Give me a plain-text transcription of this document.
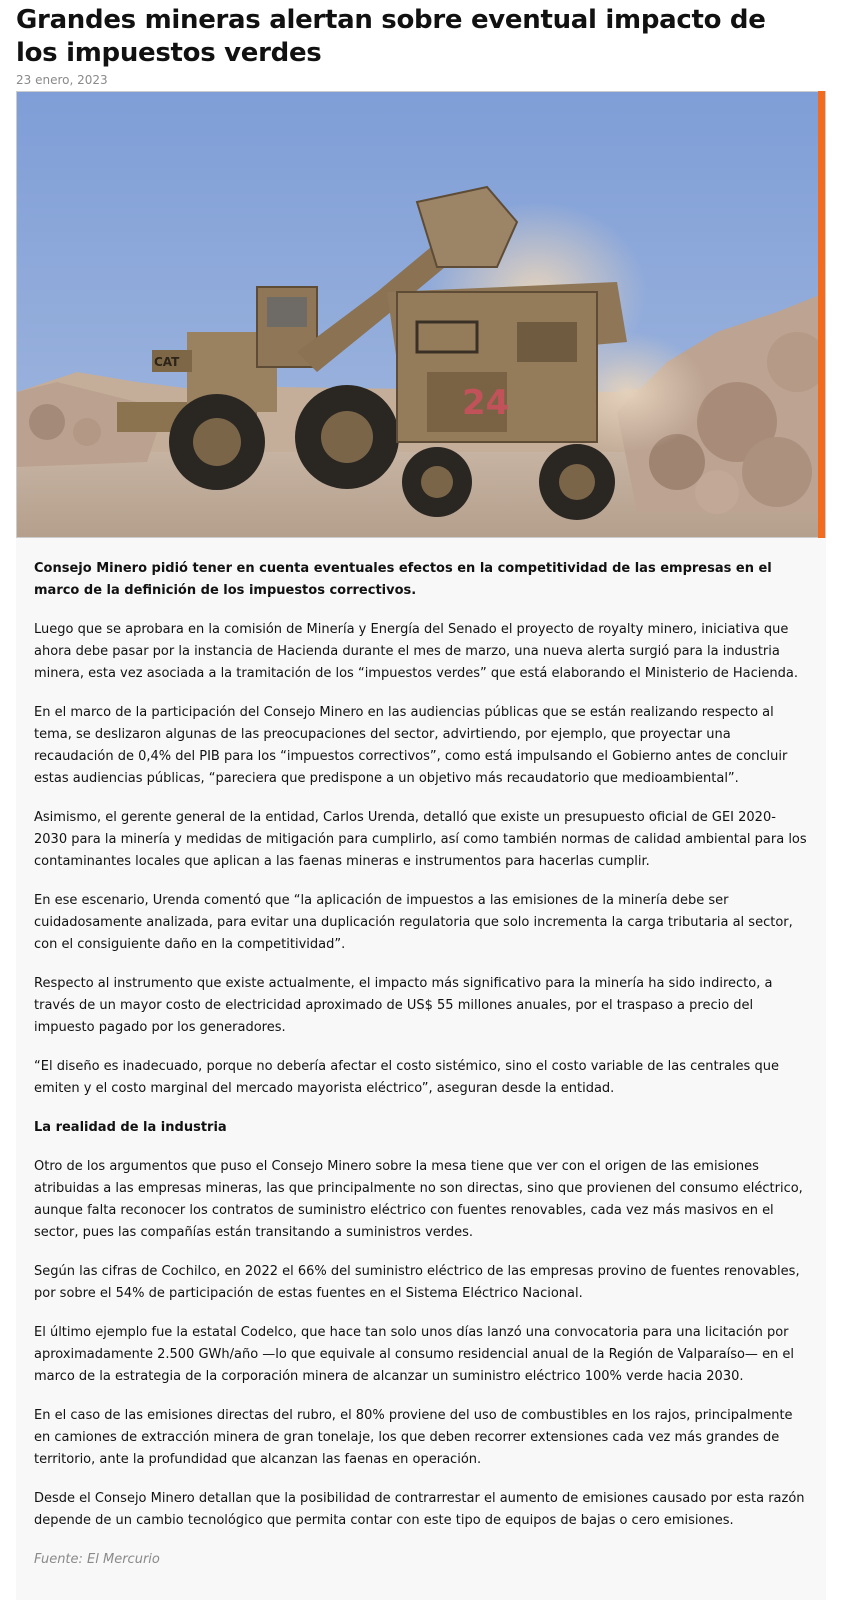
Grandes mineras alertan sobre eventual impacto de los impuestos verdes
23 enero, 2023
CAT
24

Consejo Minero pidió tener en cuenta eventuales efectos en la competitividad de las empresas en el marco de la definición de los impuestos correctivos.

Luego que se aprobara en la comisión de Minería y Energía del Senado el proyecto de royalty minero, iniciativa que ahora debe pasar por la instancia de Hacienda durante el mes de marzo, una nueva alerta surgió para la industria minera, esta vez asociada a la tramitación de los “impuestos verdes” que está elaborando el Ministerio de Hacienda.

En el marco de la participación del Consejo Minero en las audiencias públicas que se están realizando respecto al tema, se deslizaron algunas de las preocupaciones del sector, advirtiendo, por ejemplo, que proyectar una recaudación de 0,4% del PIB para los “impuestos correctivos”, como está impulsando el Gobierno antes de concluir estas audiencias públicas, “pareciera que predispone a un objetivo más recaudatorio que medioambiental”.

Asimismo, el gerente general de la entidad, Carlos Urenda, detalló que existe un presupuesto oficial de GEI 2020-2030 para la minería y medidas de mitigación para cumplirlo, así como también normas de calidad ambiental para los contaminantes locales que aplican a las faenas mineras e instrumentos para hacerlas cumplir.

En ese escenario, Urenda comentó que “la aplicación de impuestos a las emisiones de la minería debe ser cuidadosamente analizada, para evitar una duplicación regulatoria que solo incrementa la carga tributaria al sector, con el consiguiente daño en la competitividad”.

Respecto al instrumento que existe actualmente, el impacto más significativo para la minería ha sido indirecto, a través de un mayor costo de electricidad aproximado de US$ 55 millones anuales, por el traspaso a precio del impuesto pagado por los generadores.

“El diseño es inadecuado, porque no debería afectar el costo sistémico, sino el costo variable de las centrales que emiten y el costo marginal del mercado mayorista eléctrico”, aseguran desde la entidad.

La realidad de la industria

Otro de los argumentos que puso el Consejo Minero sobre la mesa tiene que ver con el origen de las emisiones atribuidas a las empresas mineras, las que principalmente no son directas, sino que provienen del consumo eléctrico, aunque falta reconocer los contratos de suministro eléctrico con fuentes renovables, cada vez más masivos en el sector, pues las compañías están transitando a suministros verdes.

Según las cifras de Cochilco, en 2022 el 66% del suministro eléctrico de las empresas provino de fuentes renovables, por sobre el 54% de participación de estas fuentes en el Sistema Eléctrico Nacional.

El último ejemplo fue la estatal Codelco, que hace tan solo unos días lanzó una convocatoria para una licitación por aproximadamente 2.500 GWh/año —lo que equivale al consumo residencial anual de la Región de Valparaíso— en el marco de la estrategia de la corporación minera de alcanzar un suministro eléctrico 100% verde hacia 2030.

En el caso de las emisiones directas del rubro, el 80% proviene del uso de combustibles en los rajos, principalmente en camiones de extracción minera de gran tonelaje, los que deben recorrer extensiones cada vez más grandes de territorio, ante la profundidad que alcanzan las faenas en operación.

Desde el Consejo Minero detallan que la posibilidad de contrarrestar el aumento de emisiones causado por esta razón depende de un cambio tecnológico que permita contar con este tipo de equipos de bajas o cero emisiones.

Fuente: El Mercurio
